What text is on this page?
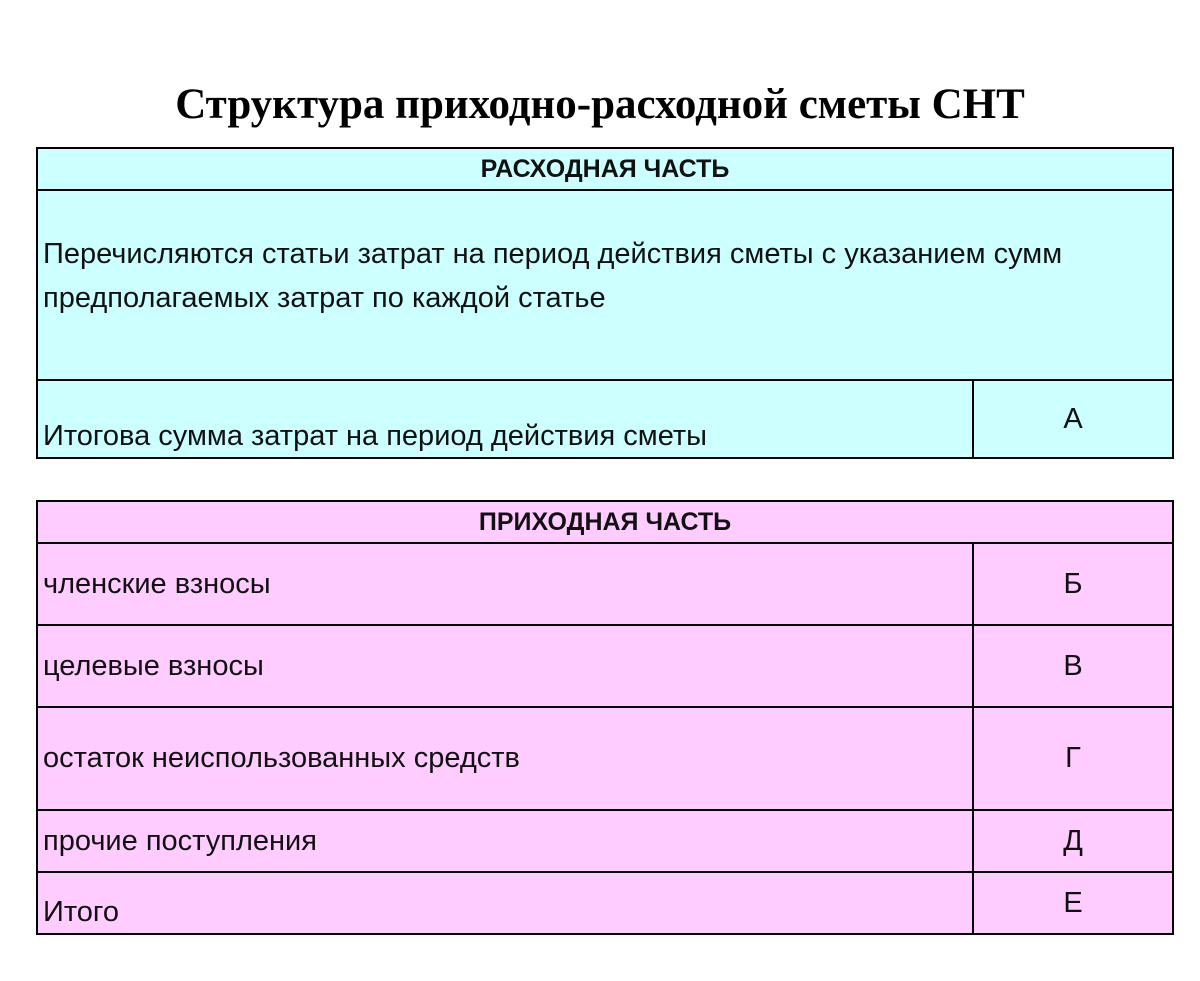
Структура приходно-расходной сметы СНТ
РАСХОДНАЯ ЧАСТЬ
Перечисляются статьи затрат на период действия сметы с указанием сумм предполагаемых затрат по каждой статье
Итогова сумма затрат на период действия сметы	А
ПРИХОДНАЯ ЧАСТЬ	
членские взносы	Б
целевые взносы	В
остаток неиспользованных средств	Г
прочие поступления	Д
Итого	Е
